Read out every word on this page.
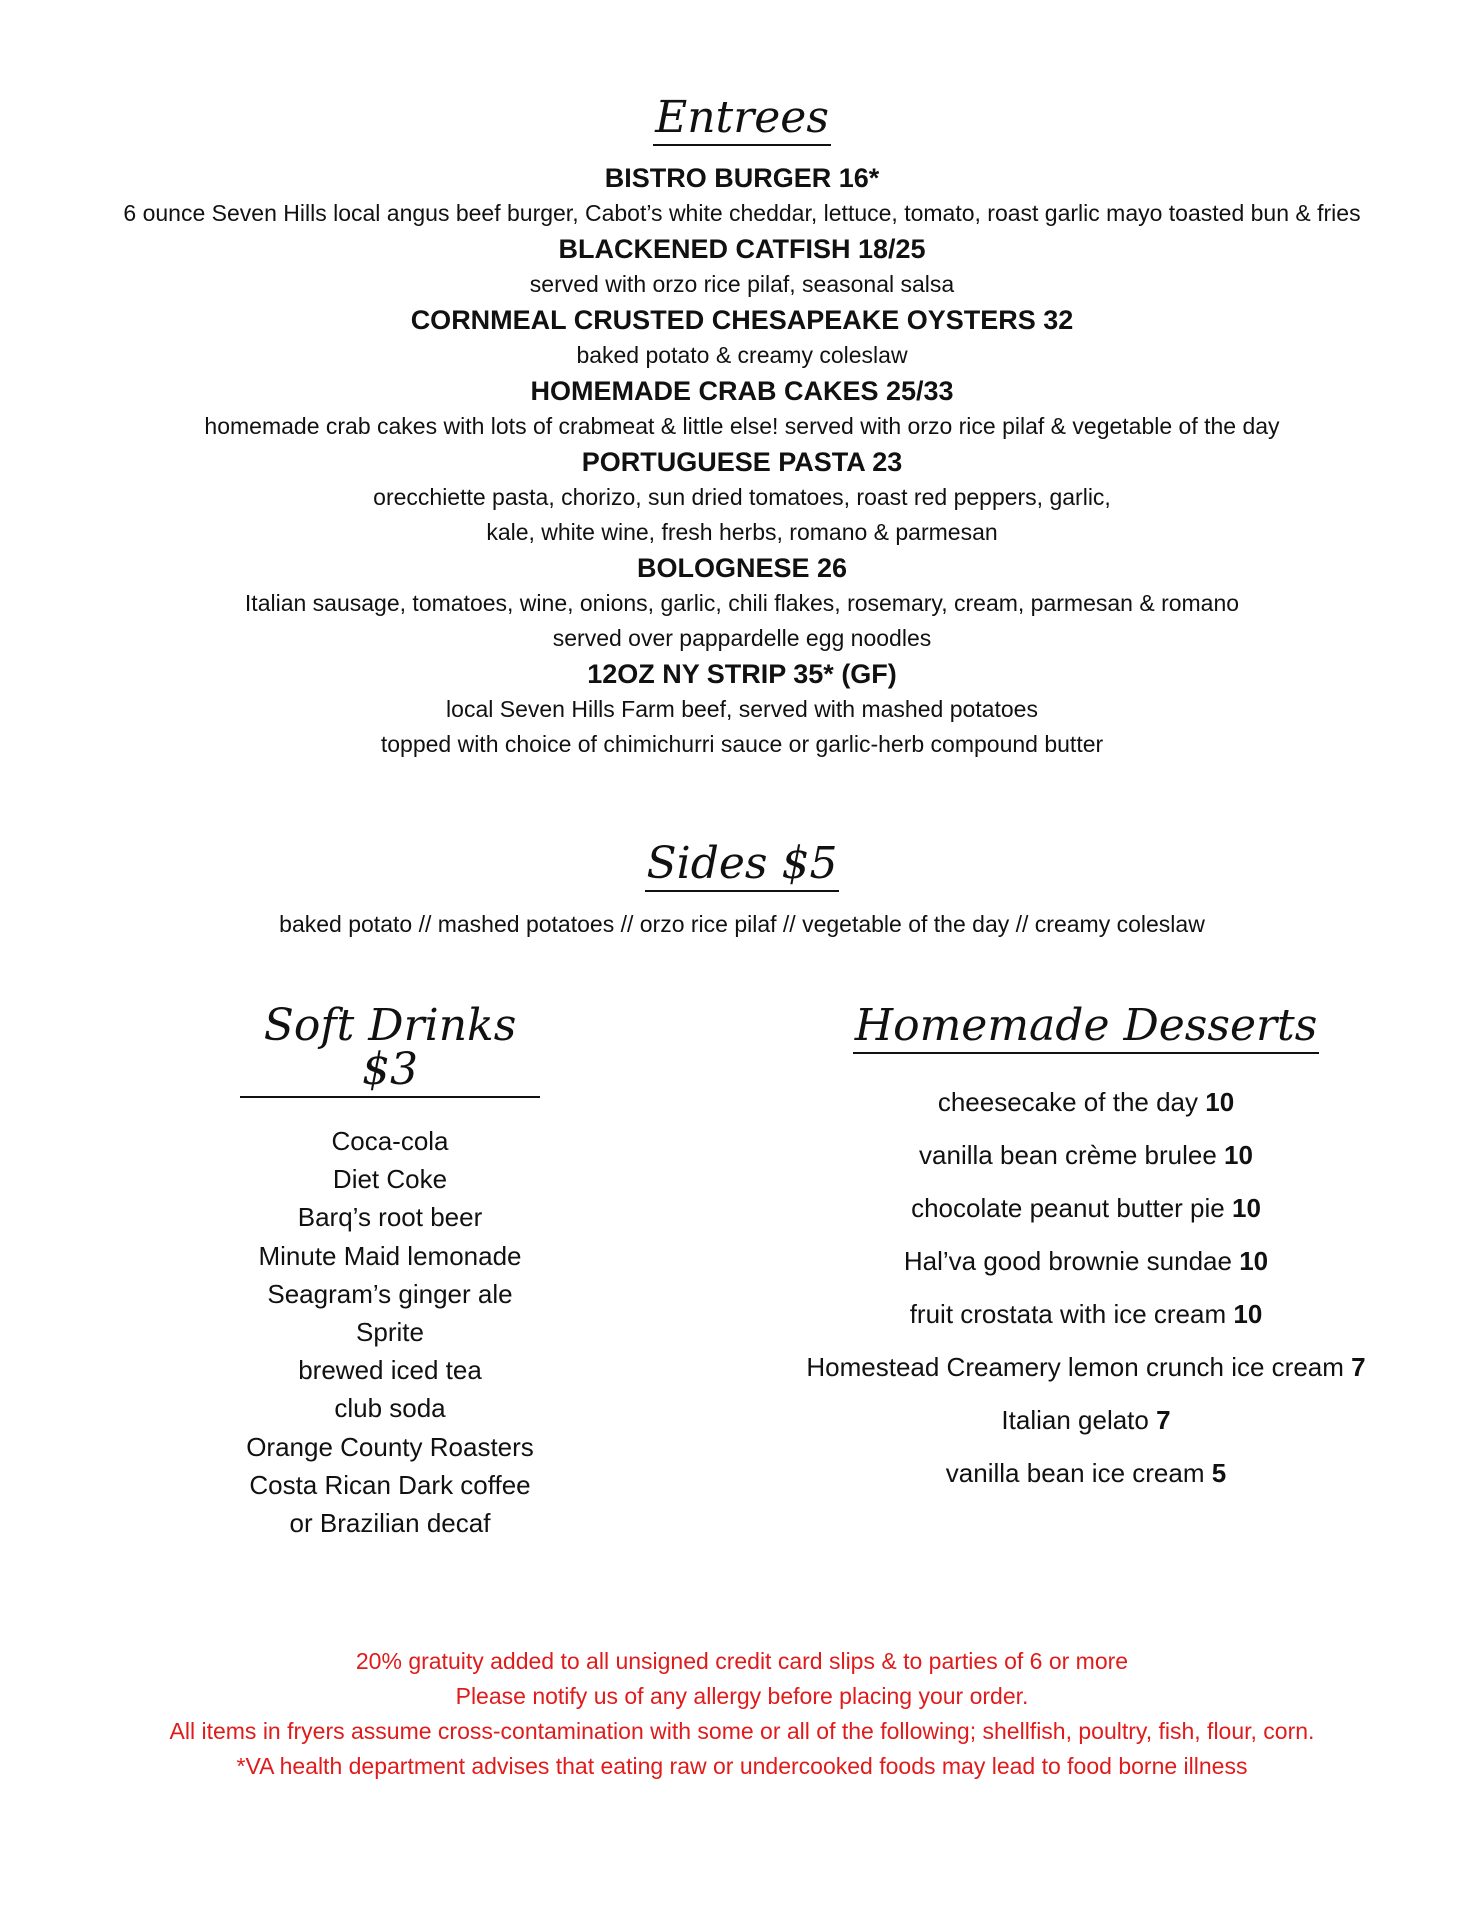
Entrees
BISTRO BURGER 16*
6 ounce Seven Hills local angus beef burger, Cabot’s white cheddar, lettuce, tomato, roast garlic mayo toasted bun & fries
BLACKENED CATFISH 18/25
served with orzo rice pilaf, seasonal salsa
CORNMEAL CRUSTED CHESAPEAKE OYSTERS 32
baked potato & creamy coleslaw
HOMEMADE CRAB CAKES 25/33
homemade crab cakes with lots of crabmeat & little else! served with orzo rice pilaf & vegetable of the day
PORTUGUESE PASTA 23
orecchiette pasta, chorizo, sun dried tomatoes, roast red peppers, garlic,
kale, white wine, fresh herbs, romano & parmesan
BOLOGNESE 26
Italian sausage, tomatoes, wine, onions, garlic, chili flakes, rosemary, cream, parmesan & romano
served over pappardelle egg noodles
12OZ NY STRIP 35* (GF)
local Seven Hills Farm beef, served with mashed potatoes
topped with choice of chimichurri sauce or garlic-herb compound butter
Sides $5
baked potato // mashed potatoes // orzo rice pilaf // vegetable of the day // creamy coleslaw
Soft Drinks $3
Coca-cola
Diet Coke
Barq’s root beer
Minute Maid lemonade
Seagram’s ginger ale
Sprite
brewed iced tea
club soda
Orange County Roasters
Costa Rican Dark coffee
or Brazilian decaf
Homemade Desserts
cheesecake of the day 10
vanilla bean crème brulee 10
chocolate peanut butter pie 10
Hal’va good brownie sundae 10
fruit crostata with ice cream 10
Homestead Creamery lemon crunch ice cream 7
Italian gelato 7
vanilla bean ice cream 5
20% gratuity added to all unsigned credit card slips & to parties of 6 or more
Please notify us of any allergy before placing your order.
All items in fryers assume cross-contamination with some or all of the following; shellfish, poultry, fish, flour, corn.
*VA health department advises that eating raw or undercooked foods may lead to food borne illness
